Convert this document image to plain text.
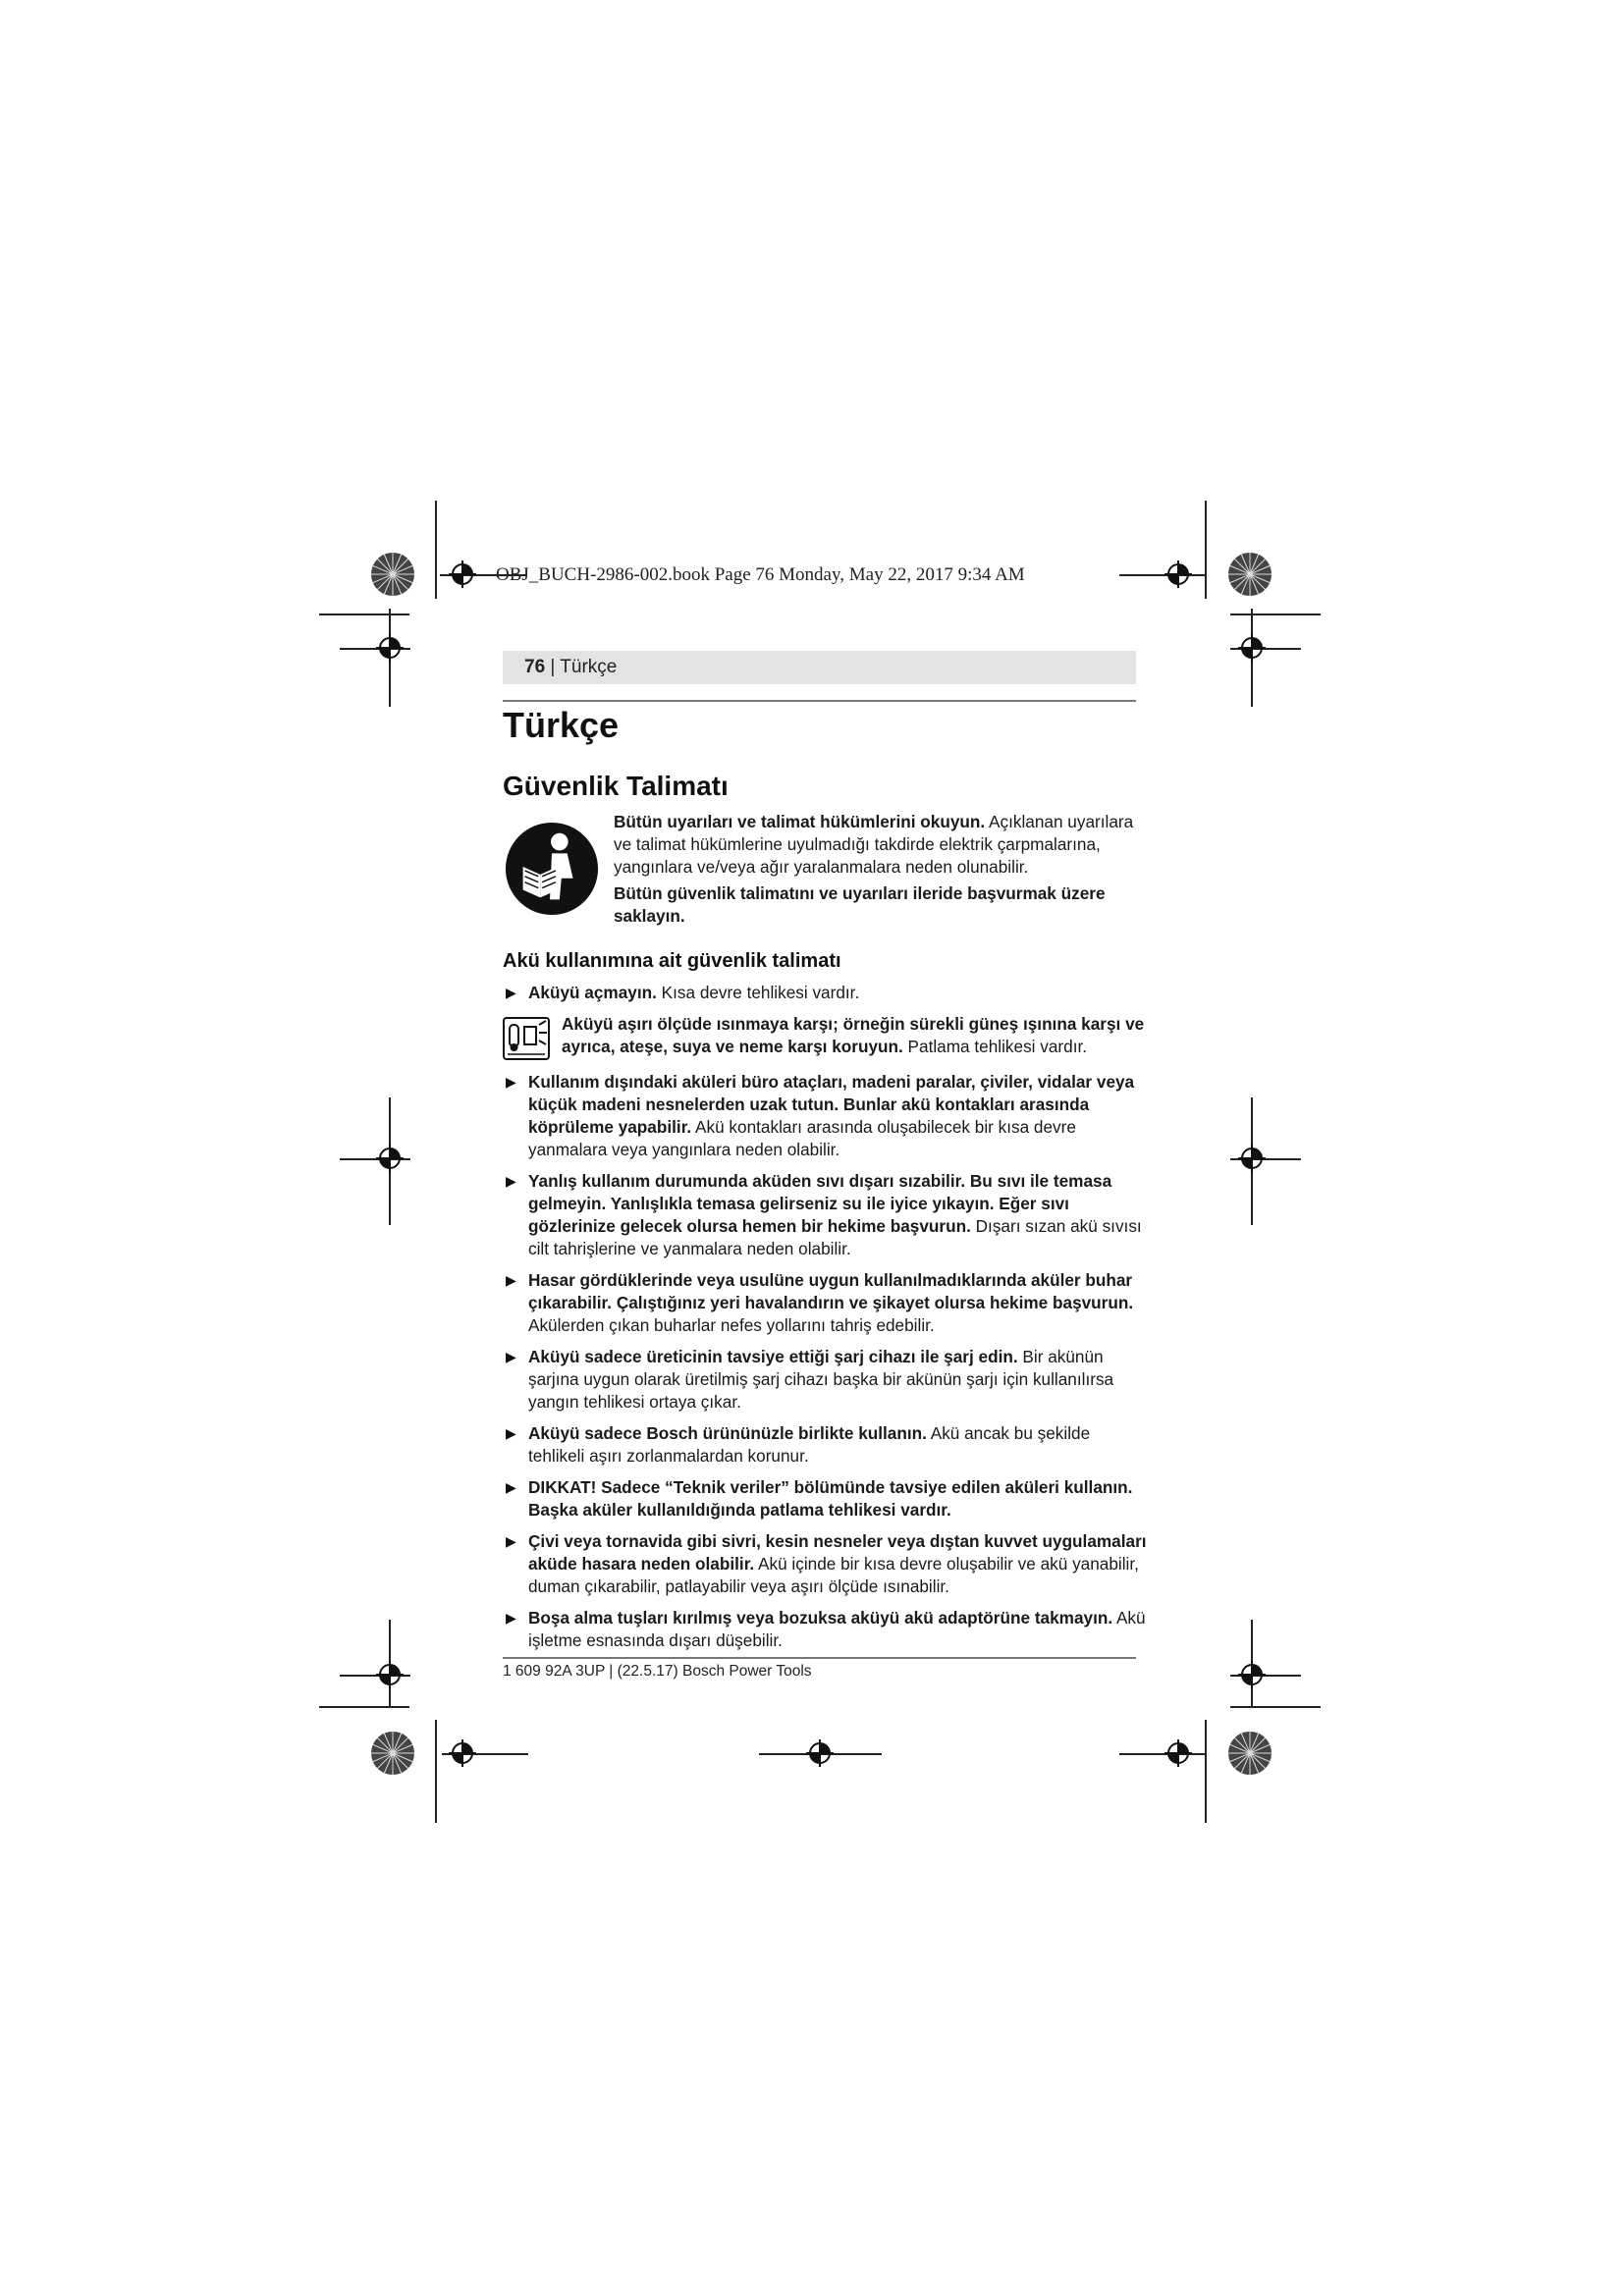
OBJ_BUCH-2986-002.book Page 76 Monday, May 22, 2017 9:34 AM
76 | Türkçe
Türkçe
Güvenlik Talimatı

Bütün uyarıları ve talimat hükümlerini okuyun. Açıklanan uyarılara ve talimat hükümlerine uyulmadığı takdirde elektrik çarpmalarına, yangınlara ve/veya ağır yaralanmalara neden olunabilir.

Bütün güvenlik talimatını ve uyarıları ileride başvurmak üzere saklayın.

Akü kullanımına ait güvenlik talimatı
▶ Aküyü açmayın. Kısa devre tehlikesi vardır.
Aküyü aşırı ölçüde ısınmaya karşı; örneğin sürekli güneş ışınına karşı ve ayrıca, ateşe, suya ve neme karşı koruyun. Patlama tehlikesi vardır.
▶ Kullanım dışındaki aküleri büro ataçları, madeni paralar, çiviler, vidalar veya küçük madeni nesnelerden uzak tutun. Bunlar akü kontakları arasında köprüleme yapabilir. Akü kontakları arasında oluşabilecek bir kısa devre yanmalara veya yangınlara neden olabilir.
▶ Yanlış kullanım durumunda aküden sıvı dışarı sızabilir. Bu sıvı ile temasa gelmeyin. Yanlışlıkla temasa gelirseniz su ile iyice yıkayın. Eğer sıvı gözlerinize gelecek olursa hemen bir hekime başvurun. Dışarı sızan akü sıvısı cilt tahrişlerine ve yanmalara neden olabilir.
▶ Hasar gördüklerinde veya usulüne uygun kullanılmadıklarında aküler buhar çıkarabilir. Çalıştığınız yeri havalandırın ve şikayet olursa hekime başvurun. Akülerden çıkan buharlar nefes yollarını tahriş edebilir.
▶ Aküyü sadece üreticinin tavsiye ettiği şarj cihazı ile şarj edin. Bir akünün şarjına uygun olarak üretilmiş şarj cihazı başka bir akünün şarjı için kullanılırsa yangın tehlikesi ortaya çıkar.
▶ Aküyü sadece Bosch ürününüzle birlikte kullanın. Akü ancak bu şekilde tehlikeli aşırı zorlanmalardan korunur.
▶ DIKKAT! Sadece “Teknik veriler” bölümünde tavsiye edilen aküleri kullanın. Başka aküler kullanıldığında patlama tehlikesi vardır.
▶ Çivi veya tornavida gibi sivri, kesin nesneler veya dıştan kuvvet uygulamaları aküde hasara neden olabilir. Akü içinde bir kısa devre oluşabilir ve akü yanabilir, duman çıkarabilir, patlayabilir veya aşırı ölçüde ısınabilir.
▶ Boşa alma tuşları kırılmış veya bozuksa aküyü akü adaptörüne takmayın. Akü işletme esnasında dışarı düşebilir.
1 609 92A 3UP | (22.5.17) Bosch Power Tools
